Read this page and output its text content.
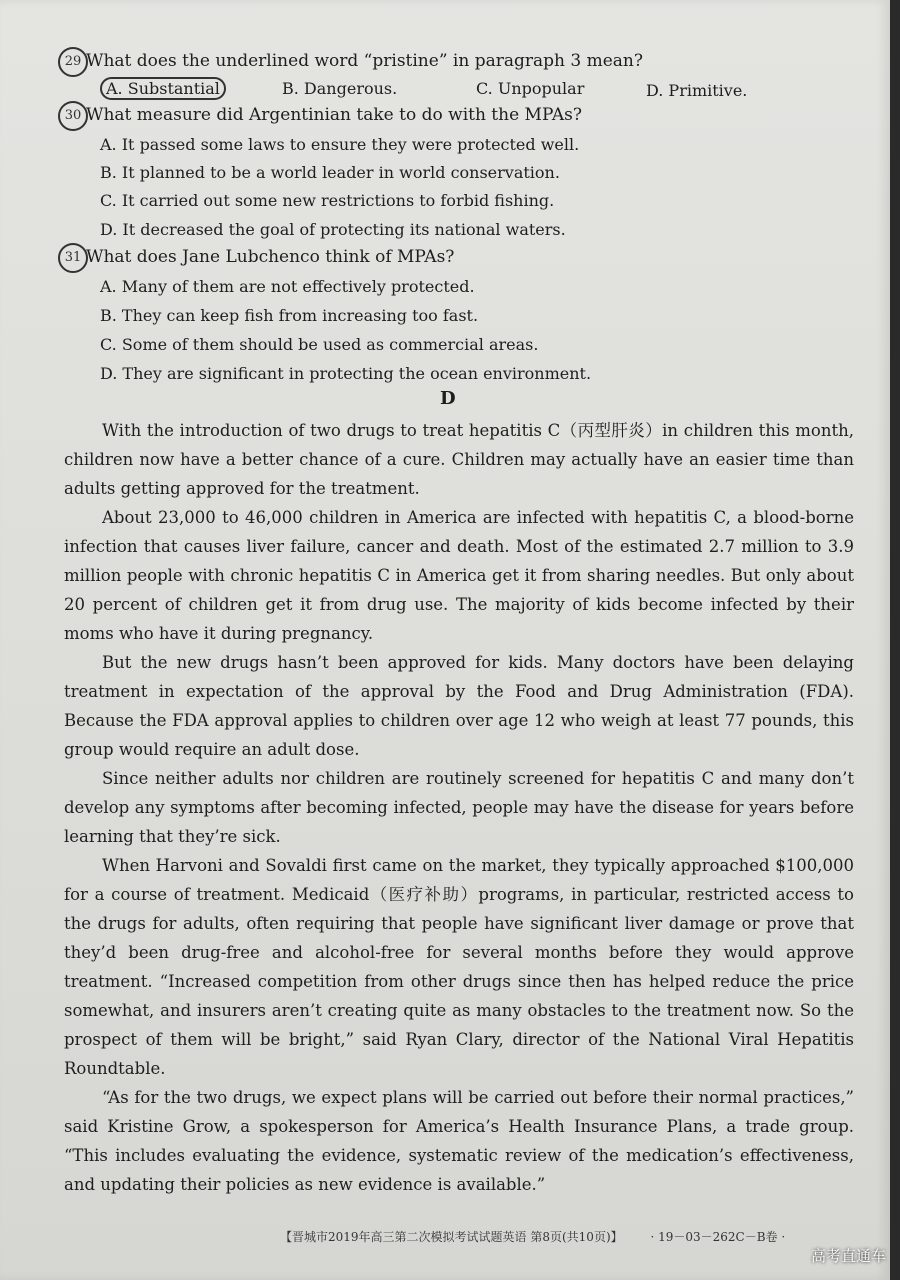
29 What does the underlined word “pristine” in paragraph 3 mean?
A. Substantial	B. Dangerous.	C. Unpopular	D. Primitive.
30 What measure did Argentinian take to do with the MPAs?
A. It passed some laws to ensure they were protected well.
B. It planned to be a world leader in world conservation.
C. It carried out some new restrictions to forbid fishing.
D. It decreased the goal of protecting its national waters.
31 What does Jane Lubchenco think of MPAs?
A. Many of them are not effectively protected.
B. They can keep fish from increasing too fast.
C. Some of them should be used as commercial areas.
D. They are significant in protecting the ocean environment.
D

With the introduction of two drugs to treat hepatitis C（丙型肝炎）in children this month, children now have a better chance of a cure. Children may actually have an easier time than adults getting approved for the treatment.

About 23,000 to 46,000 children in America are infected with hepatitis C, a blood-borne infection that causes liver failure, cancer and death. Most of the estimated 2.7 million to 3.9 million people with chronic hepatitis C in America get it from sharing needles. But only about 20 percent of children get it from drug use. The majority of kids become infected by their moms who have it during pregnancy.

But the new drugs hasn’t been approved for kids. Many doctors have been delaying treatment in expectation of the approval by the Food and Drug Administration (FDA). Because the FDA approval applies to children over age 12 who weigh at least 77 pounds, this group would require an adult dose.

Since neither adults nor children are routinely screened for hepatitis C and many don’t develop any symptoms after becoming infected, people may have the disease for years before learning that they’re sick.

When Harvoni and Sovaldi first came on the market, they typically approached $100,000 for a course of treatment. Medicaid（医疗补助）programs, in particular, restricted access to the drugs for adults, often requiring that people have significant liver damage or prove that they’d been drug-free and alcohol-free for several months before they would approve treatment. “Increased competition from other drugs since then has helped reduce the price somewhat, and insurers aren’t creating quite as many obstacles to the treatment now. So the prospect of them will be bright,” said Ryan Clary, director of the National Viral Hepatitis Roundtable.

“As for the two drugs, we expect plans will be carried out before their normal practices,” said Kristine Grow, a spokesperson for America’s Health Insurance Plans, a trade group. “This includes evaluating the evidence, systematic review of the medication’s effectiveness, and updating their policies as new evidence is available.”

【晋城市2019年高三第二次模拟考试试题英语 第8页(共10页)】 · 19－03－262C－B卷 ·
高考直通车
